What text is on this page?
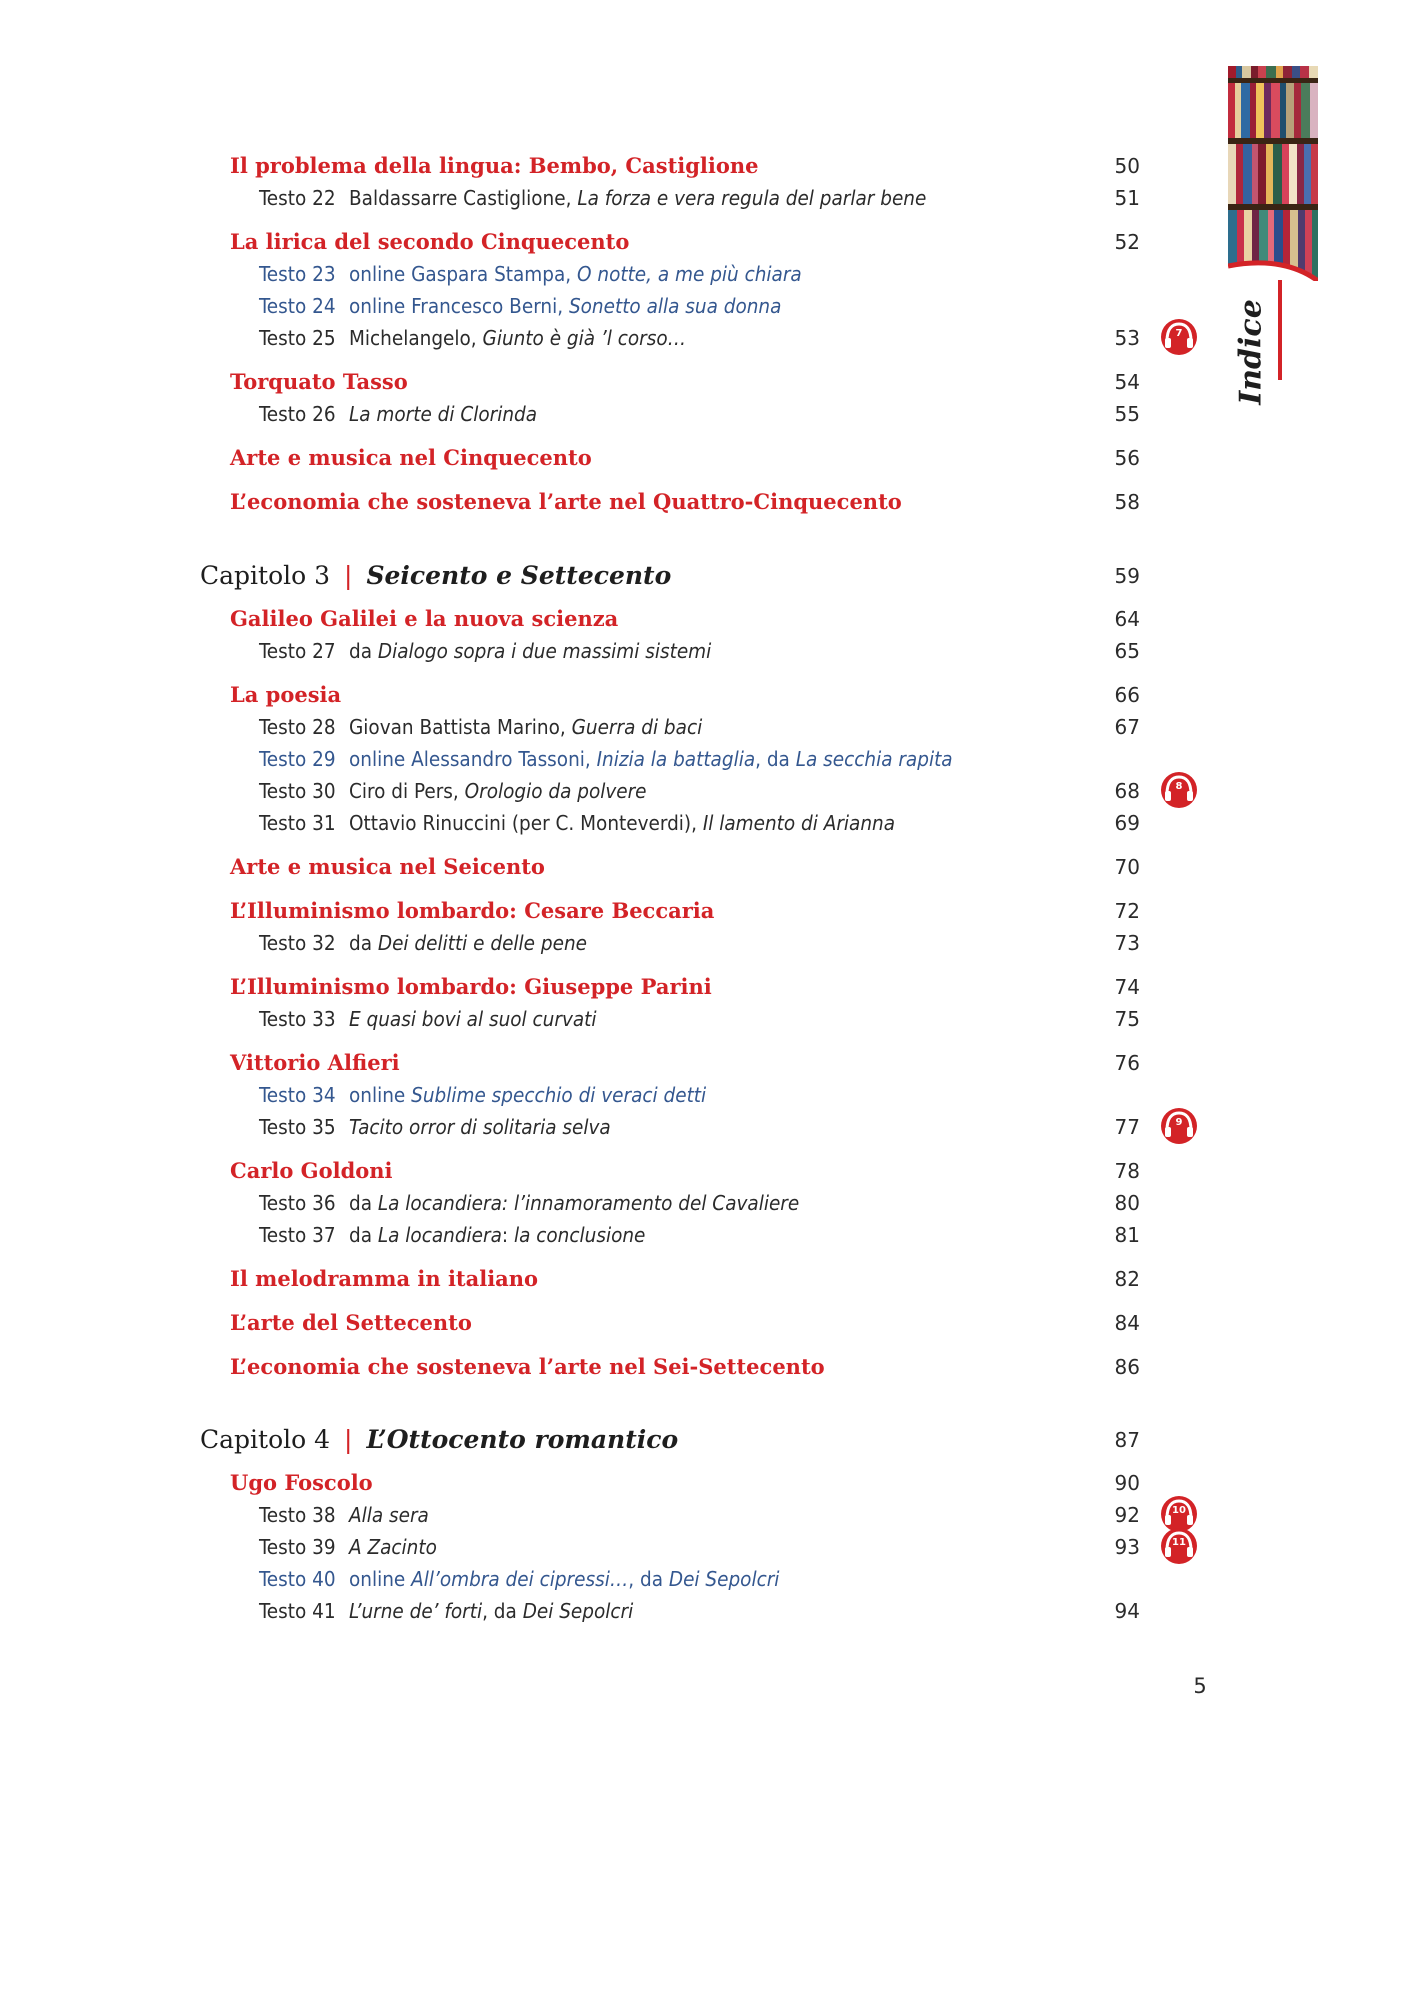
Indice
Il problema della lingua: Bembo, Castiglione	50
Testo 22 Baldassarre Castiglione, La forza e vera regula del parlar bene	51
La lirica del secondo Cinquecento	52
Testo 23 online Gaspara Stampa, O notte, a me più chiara
Testo 24 online Francesco Berni, Sonetto alla sua donna
Testo 25 Michelangelo, Giunto è già ’l corso…	53	7
Torquato Tasso	54
Testo 26 La morte di Clorinda	55
Arte e musica nel Cinquecento	56
L’economia che sosteneva l’arte nel Quattro-Cinquecento	58
Capitolo 3 | Seicento e Settecento	59
Galileo Galilei e la nuova scienza	64
Testo 27 da Dialogo sopra i due massimi sistemi	65
La poesia	66
Testo 28 Giovan Battista Marino, Guerra di baci	67
Testo 29 online Alessandro Tassoni, Inizia la battaglia, da La secchia rapita
Testo 30 Ciro di Pers, Orologio da polvere	68	8
Testo 31 Ottavio Rinuccini (per C. Monteverdi), Il lamento di Arianna	69
Arte e musica nel Seicento	70
L’Illuminismo lombardo: Cesare Beccaria	72
Testo 32 da Dei delitti e delle pene	73
L’Illuminismo lombardo: Giuseppe Parini	74
Testo 33 E quasi bovi al suol curvati	75
Vittorio Alfieri	76
Testo 34 online Sublime specchio di veraci detti
Testo 35 Tacito orror di solitaria selva	77	9
Carlo Goldoni	78
Testo 36 da La locandiera: l’innamoramento del Cavaliere	80
Testo 37 da La locandiera: la conclusione	81
Il melodramma in italiano	82
L’arte del Settecento	84
L’economia che sosteneva l’arte nel Sei-Settecento	86
Capitolo 4 | L’Ottocento romantico	87
Ugo Foscolo	90
Testo 38 Alla sera	92	10
Testo 39 A Zacinto	93	11
Testo 40 online All’ombra dei cipressi…, da Dei Sepolcri
Testo 41 L’urne de’ forti, da Dei Sepolcri	94
5
